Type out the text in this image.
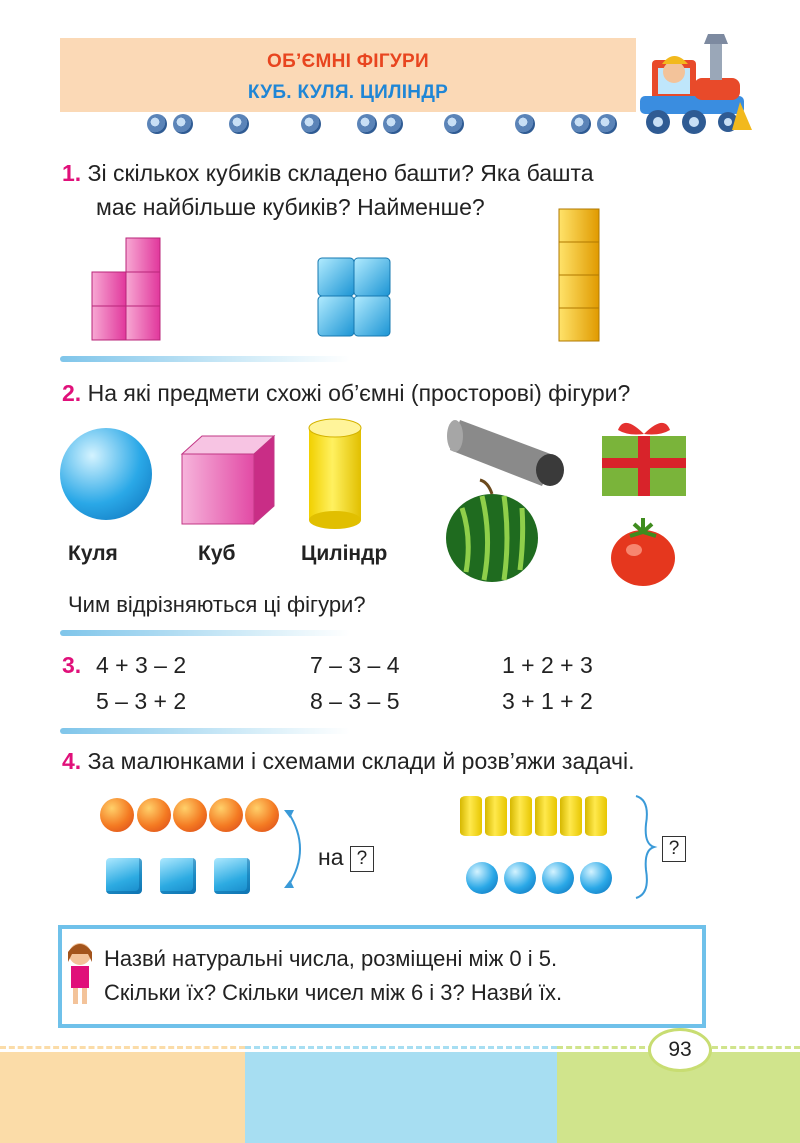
ОБ’ЄМНІ ФІГУРИ
КУБ. КУЛЯ. ЦИЛІНДР
1. Зі скількох кубиків складено башти? Яка башта
має найбільше кубиків? Найменше?
2. На які предмети схожі об’ємні (просторові) фігури?
Куля	Куб	Циліндр
Чим відрізняються ці фігури?
3. 4 + 3 – 2	7 – 3 – 4	1 + 2 + 3
5 – 3 + 2	8 – 3 – 5	3 + 1 + 2
4. За малюнками і схемами склади й розв’яжи задачі.
на ?	?
Назви́ натуральні числа, розміщені між 0 і 5.
Скільки їх? Скільки чисел між 6 і 3? Назви́ їх.
93
